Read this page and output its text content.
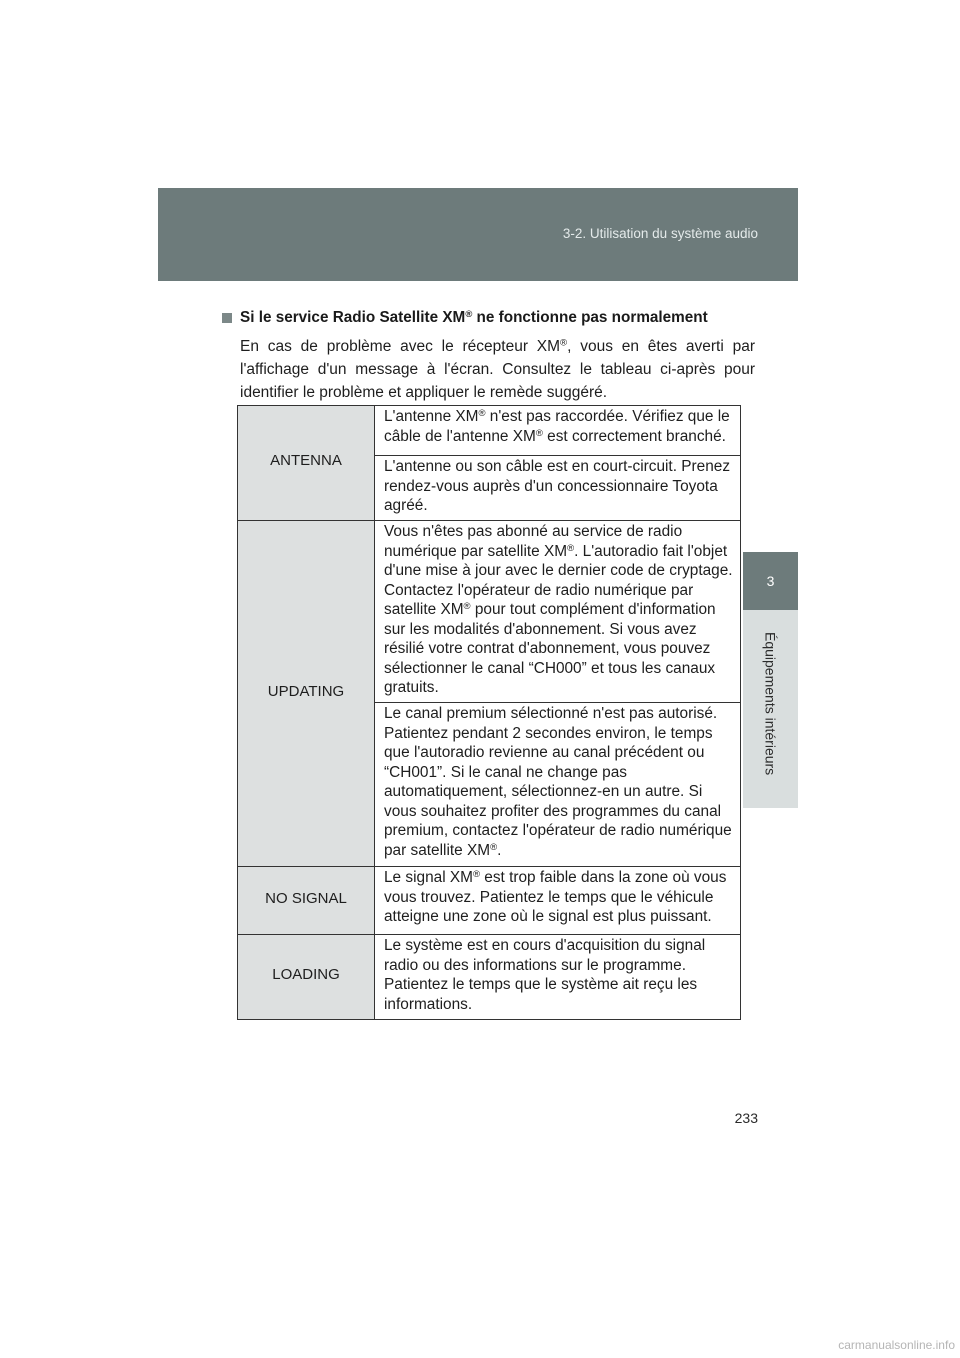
3-2. Utilisation du système audio
3
Équipements intérieurs
Si le service Radio Satellite XM® ne fonctionne pas normalement
En cas de problème avec le récepteur XM®, vous en êtes averti par
l'affichage d'un message à l'écran. Consultez le tableau ci-après pour
identifier le problème et appliquer le remède suggéré.
ANTENNA
L'antenne XM® n'est pas raccordée. Vérifiez que le
câble de l'antenne XM® est correctement branché.
L'antenne ou son câble est en court-circuit. Prenez
rendez-vous auprès d'un concessionnaire Toyota
agréé.
UPDATING
Vous n'êtes pas abonné au service de radio
numérique par satellite XM®. L'autoradio fait l'objet
d'une mise à jour avec le dernier code de cryptage.
Contactez l'opérateur de radio numérique par
satellite XM® pour tout complément d'information
sur les modalités d'abonnement. Si vous avez
résilié votre contrat d'abonnement, vous pouvez
sélectionner le canal “CH000” et tous les canaux
gratuits.
Le canal premium sélectionné n'est pas autorisé.
Patientez pendant 2 secondes environ, le temps
que l'autoradio revienne au canal précédent ou
“CH001”. Si le canal ne change pas
automatiquement, sélectionnez-en un autre. Si
vous souhaitez profiter des programmes du canal
premium, contactez l'opérateur de radio numérique
par satellite XM®.
NO SIGNAL
Le signal XM® est trop faible dans la zone où vous
vous trouvez. Patientez le temps que le véhicule
atteigne une zone où le signal est plus puissant.
LOADING
Le système est en cours d'acquisition du signal
radio ou des informations sur le programme.
Patientez le temps que le système ait reçu les
informations.
233
carmanualsonline.info
